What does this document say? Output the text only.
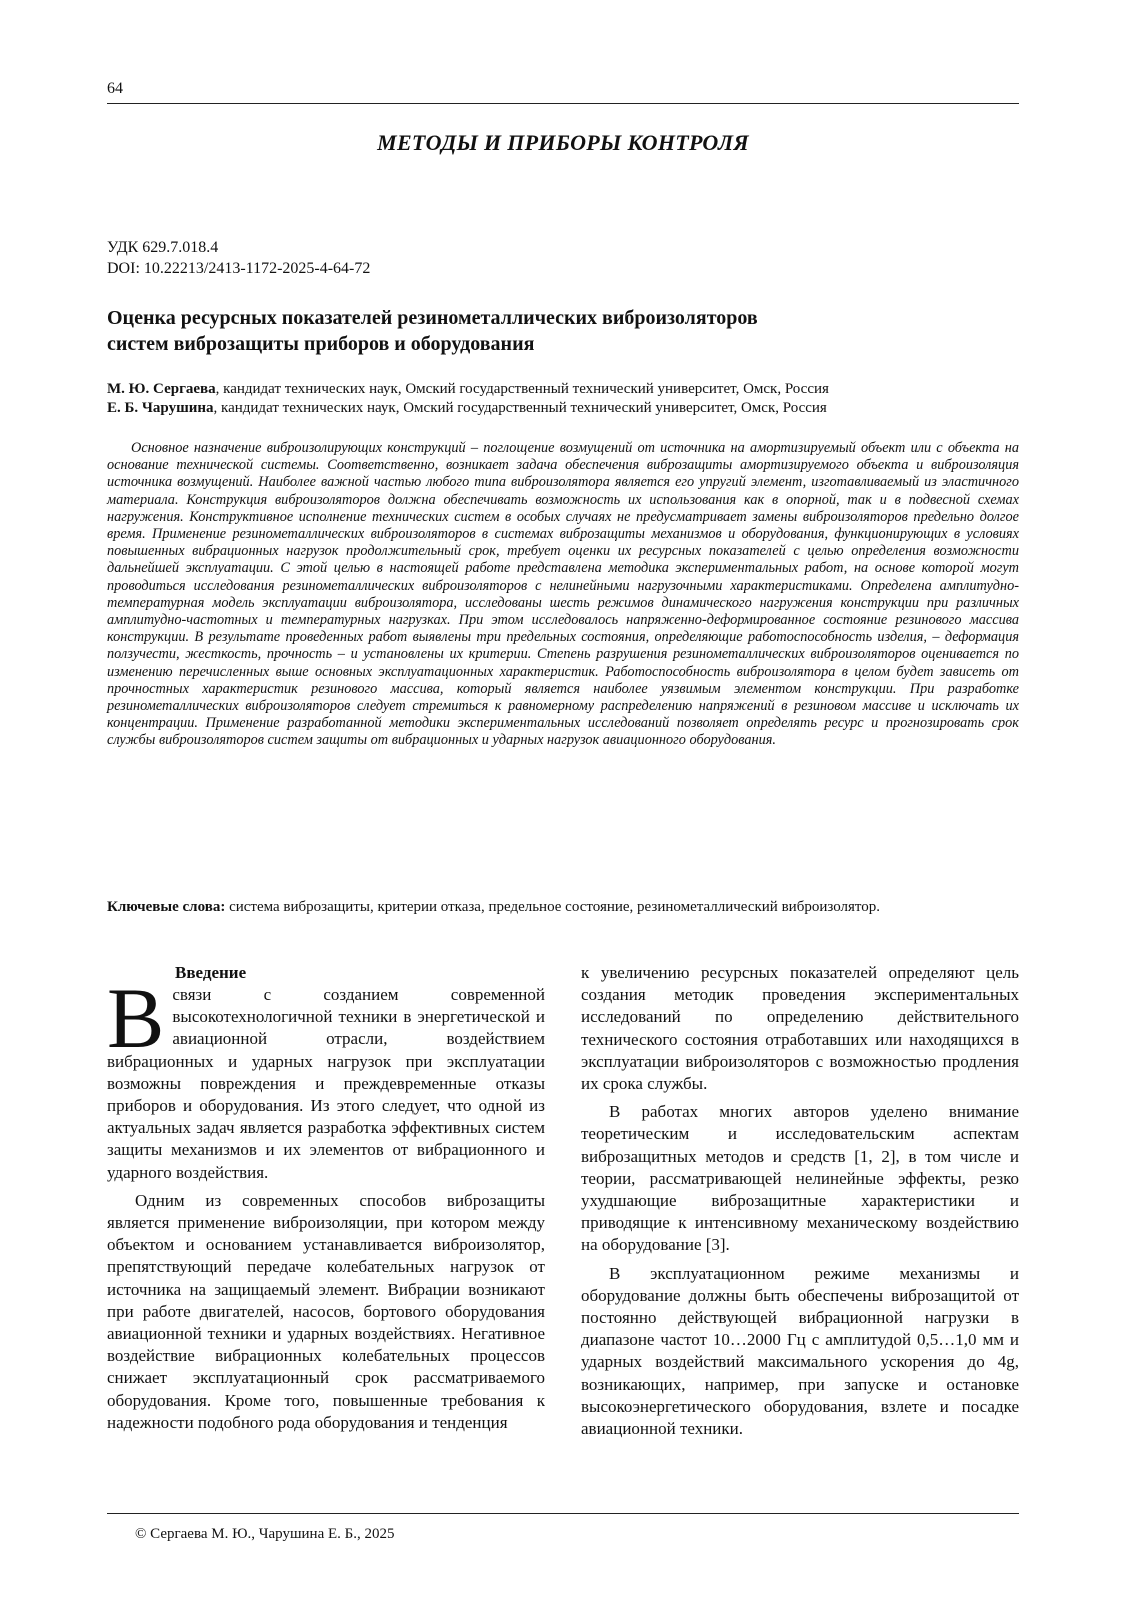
64
МЕТОДЫ И ПРИБОРЫ КОНТРОЛЯ
УДК 629.7.018.4
DOI: 10.22213/2413-1172-2025-4-64-72
Оценка ресурсных показателей резинометаллических виброизоляторов
систем виброзащиты приборов и оборудования
М. Ю. Сергаева, кандидат технических наук, Омский государственный технический университет, Омск, Россия
Е. Б. Чарушина, кандидат технических наук, Омский государственный технический университет, Омск, Россия
Основное назначение виброизолирующих конструкций – поглощение возмущений от источника на амортизируемый объект или с объекта на основание технической системы. Соответственно, возникает задача обеспечения виброзащиты амортизируемого объекта и виброизоляция источника возмущений. Наиболее важной частью любого типа виброизолятора является его упругий элемент, изготавливаемый из эластичного материала. Конструкция виброизоляторов должна обеспечивать возможность их использования как в опорной, так и в подвесной схемах нагружения. Конструктивное исполнение технических систем в особых случаях не предусматривает замены виброизоляторов предельно долгое время. Применение резинометаллических виброизоляторов в системах виброзащиты механизмов и оборудования, функционирующих в условиях повышенных вибрационных нагрузок продолжительный срок, требует оценки их ресурсных показателей с целью определения возможности дальнейшей эксплуатации. С этой целью в настоящей работе представлена методика экспериментальных работ, на основе которой могут проводиться исследования резинометаллических виброизоляторов с нелинейными нагрузочными характеристиками. Определена амплитудно-температурная модель эксплуатации виброизолятора, исследованы шесть режимов динамического нагружения конструкции при различных амплитудно-частотных и температурных нагрузках. При этом исследовалось напряженно-деформированное состояние резинового массива конструкции. В результате проведенных работ выявлены три предельных состояния, определяющие работоспособность изделия, – деформация ползучести, жесткость, прочность – и установлены их критерии. Степень разрушения резинометаллических виброизоляторов оценивается по изменению перечисленных выше основных эксплуатационных характеристик. Работоспособность виброизолятора в целом будет зависеть от прочностных характеристик резинового массива, который является наиболее уязвимым элементом конструкции. При разработке резинометаллических виброизоляторов следует стремиться к равномерному распределению напряжений в резиновом массиве и исключать их концентрации. Применение разработанной методики экспериментальных исследований позволяет определять ресурс и прогнозировать срок службы виброизоляторов систем защиты от вибрационных и ударных нагрузок авиационного оборудования.
Ключевые слова: система виброзащиты, критерии отказа, предельное состояние, резинометаллический виброизолятор.
Введение

В связи с созданием современной высокотехнологичной техники в энергетической и авиационной отрасли, воздействием вибрационных и ударных нагрузок при эксплуатации возможны повреждения и преждевременные отказы приборов и оборудования. Из этого следует, что одной из актуальных задач является разработка эффективных систем защиты механизмов и их элементов от вибрационного и ударного воздействия.

Одним из современных способов виброзащиты является применение виброизоляции, при котором между объектом и основанием устанавливается виброизолятор, препятствующий передаче колебательных нагрузок от источника на защищаемый элемент. Вибрации возникают при работе двигателей, насосов, бортового оборудования авиационной техники и ударных воздействиях. Негативное воздействие вибрационных колебательных процессов снижает эксплуатационный срок рассматриваемого оборудования. Кроме того, повышенные требования к надежности подобного рода оборудования и тенденция

к увеличению ресурсных показателей определяют цель создания методик проведения экспериментальных исследований по определению действительного технического состояния отработавших или находящихся в эксплуатации виброизоляторов с возможностью продления их срока службы.

В работах многих авторов уделено внимание теоретическим и исследовательским аспектам виброзащитных методов и средств [1, 2], в том числе и теории, рассматривающей нелинейные эффекты, резко ухудшающие виброзащитные характеристики и приводящие к интенсивному механическому воздействию на оборудование [3].

В эксплуатационном режиме механизмы и оборудование должны быть обеспечены виброзащитой от постоянно действующей вибрационной нагрузки в диапазоне частот 10…2000 Гц с амплитудой 0,5…1,0 мм и ударных воздействий максимального ускорения до 4g, возникающих, например, при запуске и остановке высокоэнергетического оборудования, взлете и посадке авиационной техники.

© Сергаева М. Ю., Чарушина Е. Б., 2025
